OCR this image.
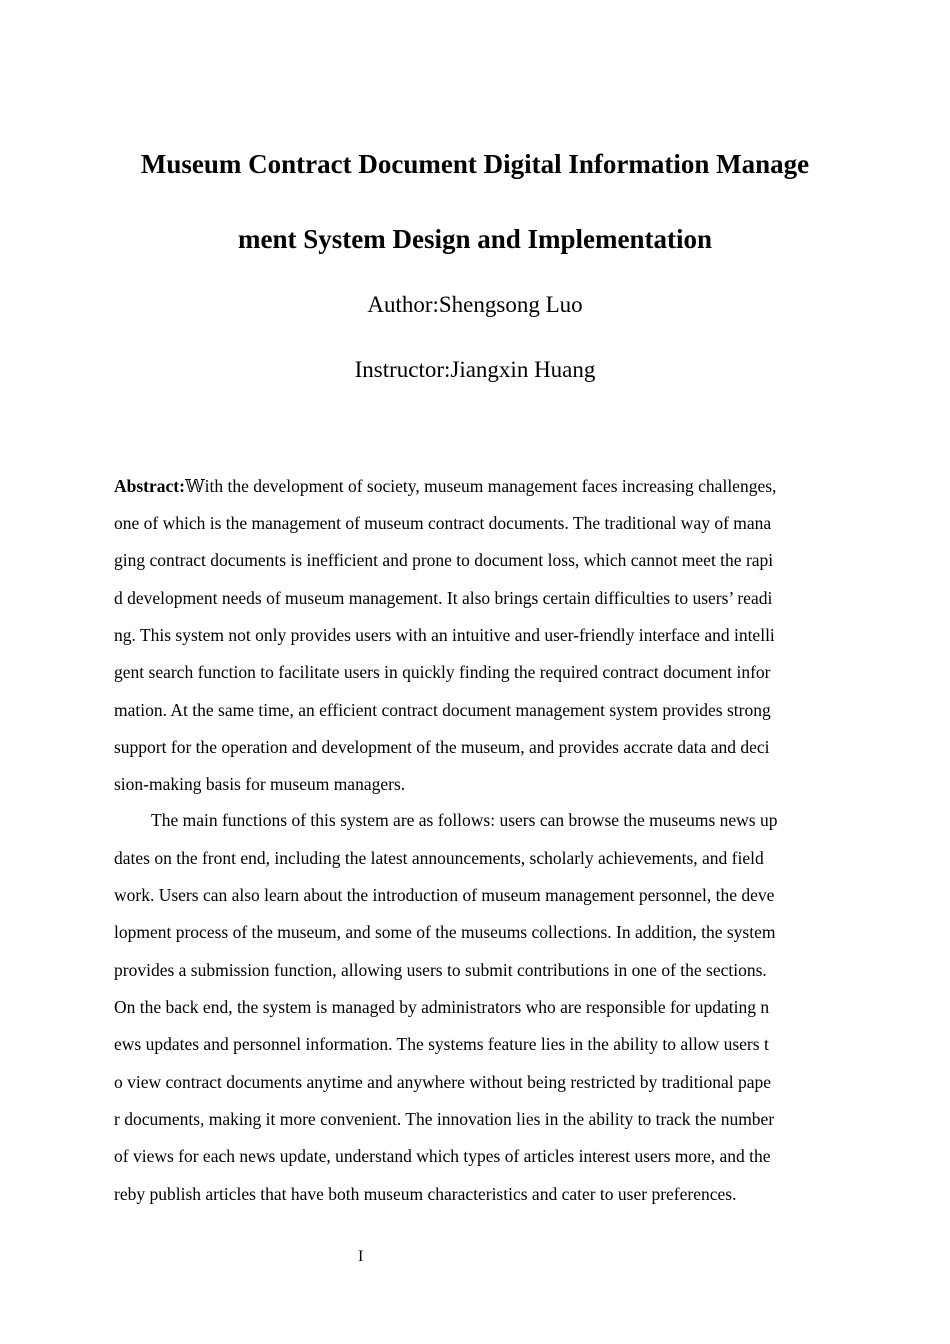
Museum Contract Document Digital Information Manage
ment System Design and Implementation
Author:Shengsong Luo
Instructor:Jiangxin Huang
Abstract:𝕎ith the development of society, museum management faces increasing challenges,
one of which is the management of museum contract documents. The traditional way of mana
ging contract documents is inefficient and prone to document loss, which cannot meet the rapi
d development needs of museum management. It also brings certain difficulties to users’ readi
ng. This system not only provides users with an intuitive and user-friendly interface and intelli
gent search function to facilitate users in quickly finding the required contract document infor
mation. At the same time, an efficient contract document management system provides strong
support for the operation and development of the museum, and provides accrate data and deci
sion-making basis for museum managers.
The main functions of this system are as follows: users can browse the museums news up
dates on the front end, including the latest announcements, scholarly achievements, and field
work. Users can also learn about the introduction of museum management personnel, the deve
lopment process of the museum, and some of the museums collections. In addition, the system
provides a submission function, allowing users to submit contributions in one of the sections.
On the back end, the system is managed by administrators who are responsible for updating n
ews updates and personnel information. The systems feature lies in the ability to allow users t
o view contract documents anytime and anywhere without being restricted by traditional pape
r documents, making it more convenient. The innovation lies in the ability to track the number
of views for each news update, understand which types of articles interest users more, and the
reby publish articles that have both museum characteristics and cater to user preferences.
I
